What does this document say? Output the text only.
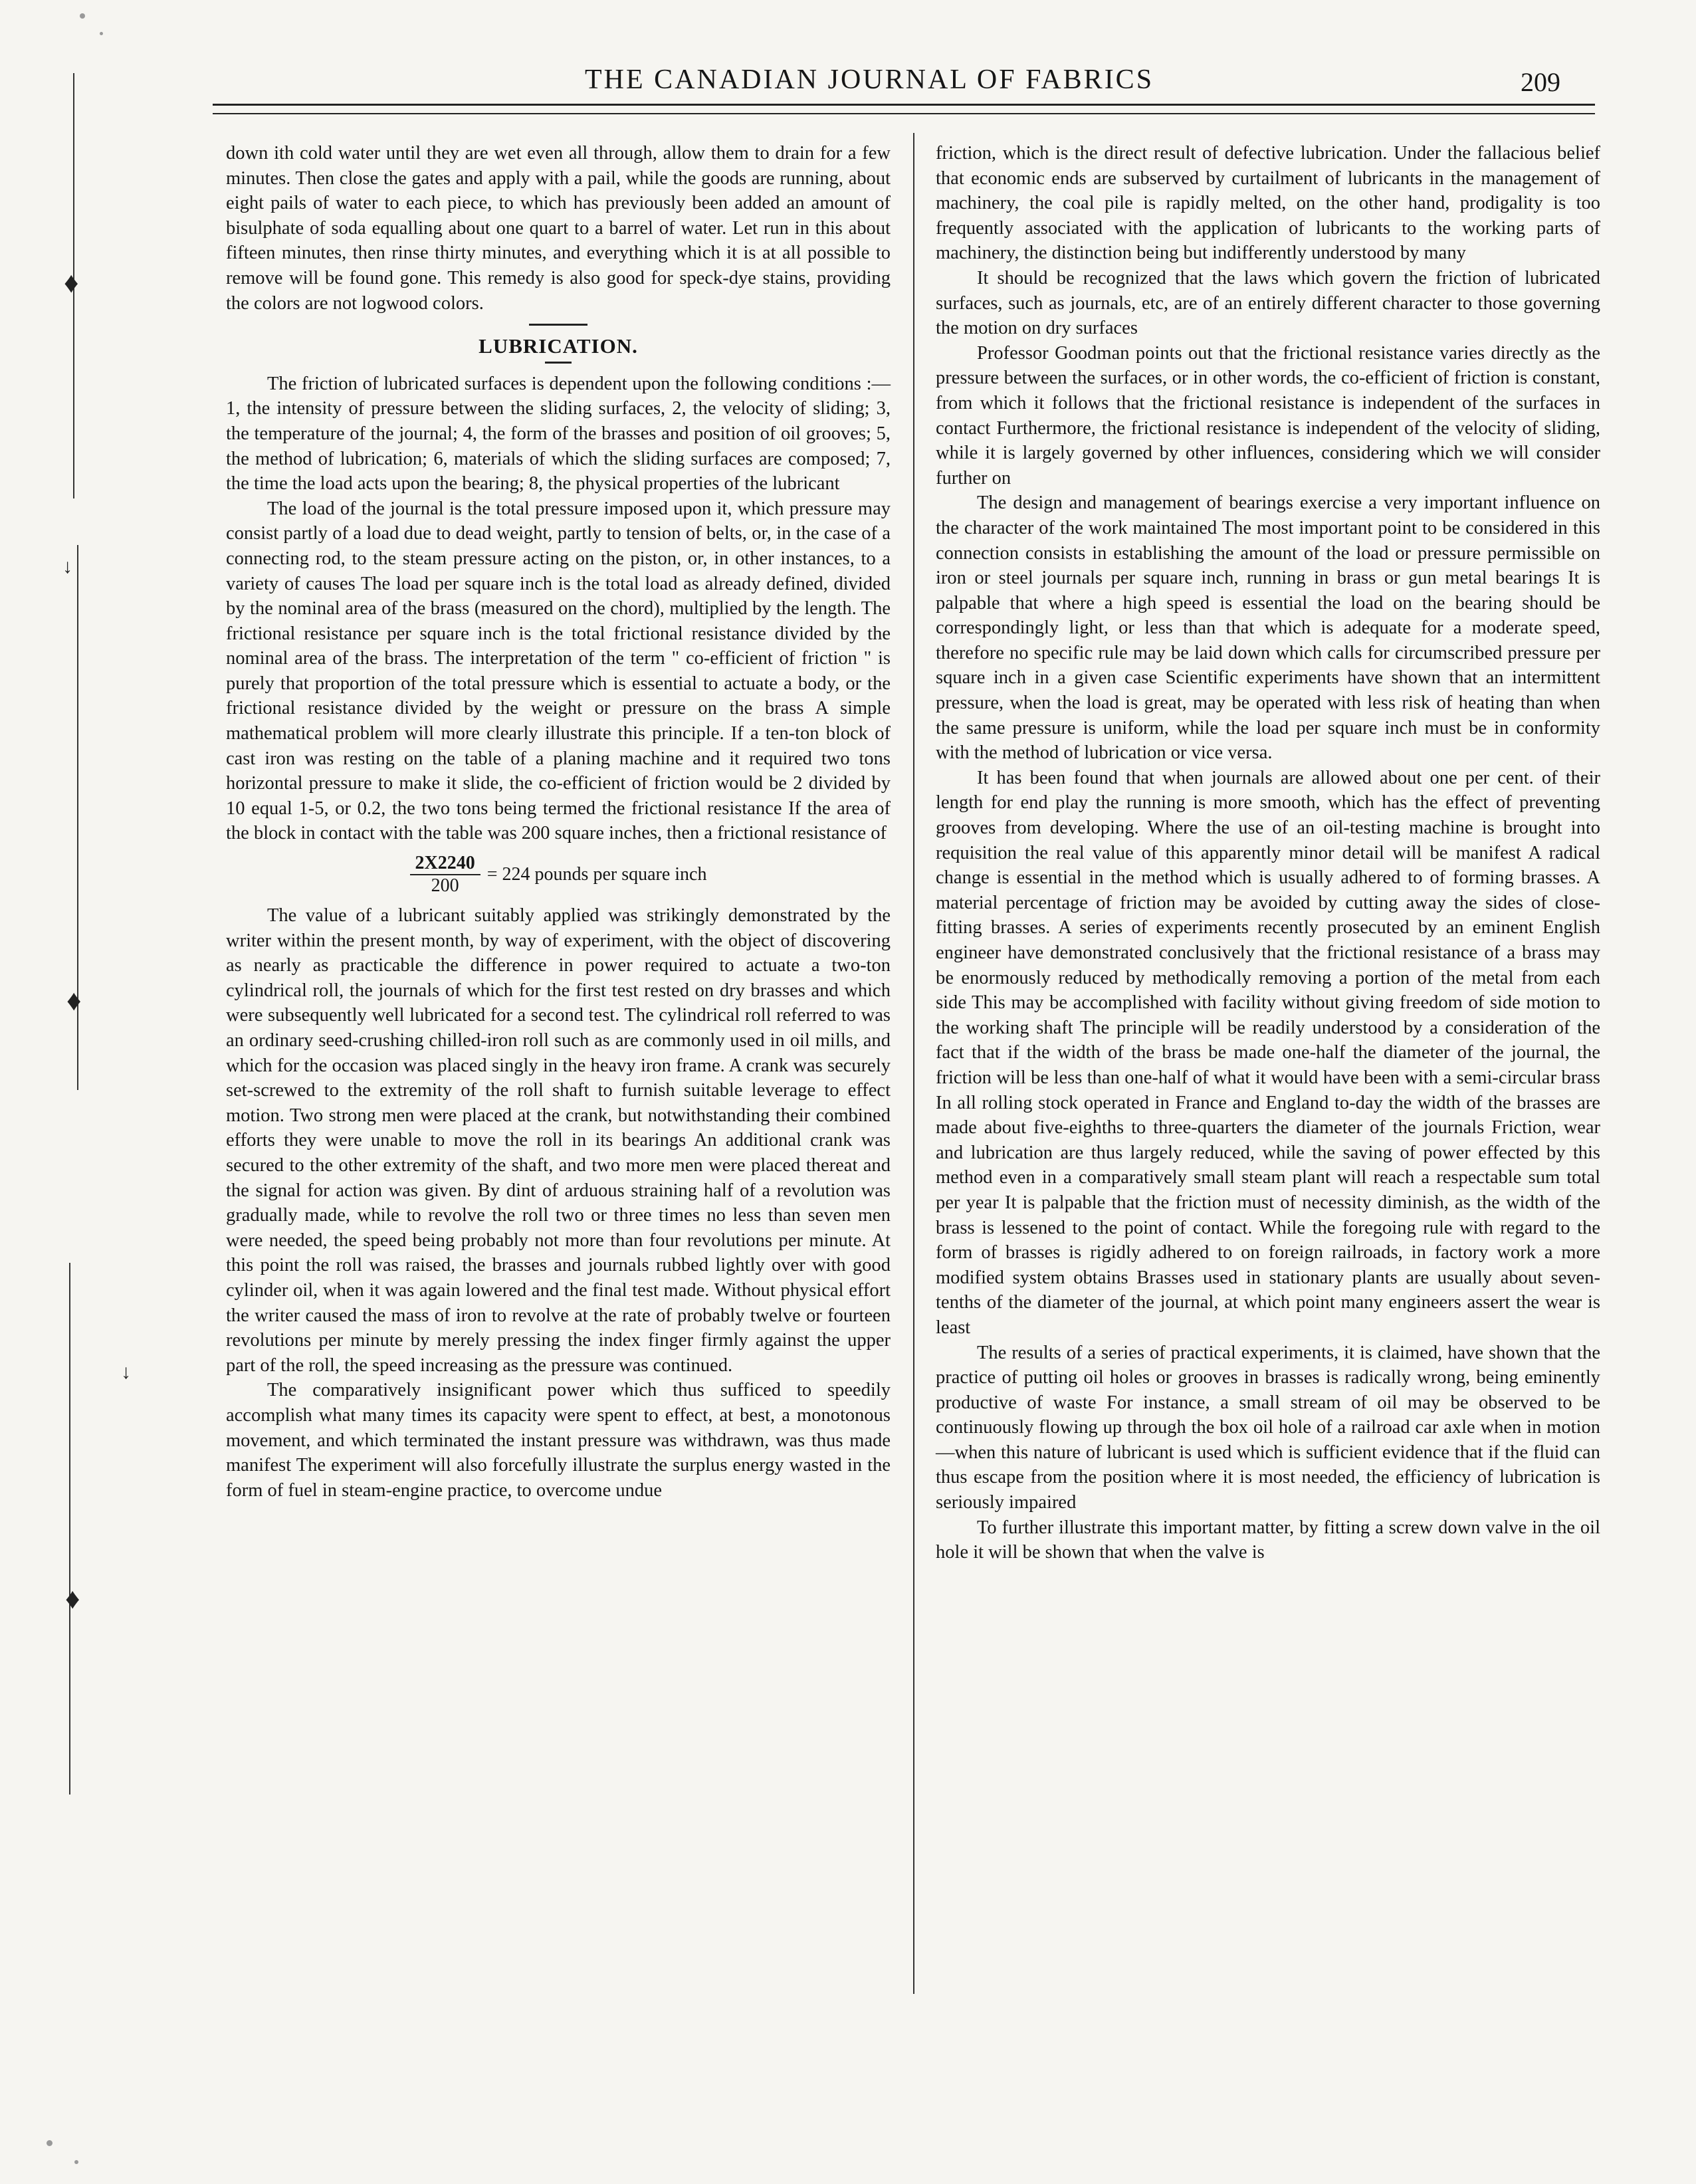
♦
♦
♦
↓
↓
THE CANADIAN JOURNAL OF FABRICS	209

down ith cold water until they are wet even all through, allow them to drain for a few minutes. Then close the gates and apply with a pail, while the goods are running, about eight pails of water to each piece, to which has previously been added an amount of bisulphate of soda equalling about one quart to a barrel of water. Let run in this about fifteen minutes, then rinse thirty minutes, and everything which it is at all possible to remove will be found gone. This remedy is also good for speck-dye stains, providing the colors are not logwood colors.

LUBRICATION.

The friction of lubricated surfaces is dependent upon the following conditions :—1, the intensity of pressure between the sliding surfaces, 2, the velocity of sliding; 3, the temperature of the journal; 4, the form of the brasses and position of oil grooves; 5, the method of lubrication; 6, materials of which the sliding surfaces are composed; 7, the time the load acts upon the bearing; 8, the physical properties of the lubricant

The load of the journal is the total pressure imposed upon it, which pressure may consist partly of a load due to dead weight, partly to tension of belts, or, in the case of a connecting rod, to the steam pressure acting on the piston, or, in other instances, to a variety of causes The load per square inch is the total load as already defined, divided by the nominal area of the brass (measured on the chord), multiplied by the length. The frictional resistance per square inch is the total frictional resistance divided by the nominal area of the brass. The interpretation of the term " co-efficient of friction " is purely that proportion of the total pressure which is essential to actuate a body, or the frictional resistance divided by the weight or pressure on the brass A simple mathematical problem will more clearly illustrate this principle. If a ten-ton block of cast iron was resting on the table of a planing machine and it required two tons horizontal pressure to make it slide, the co-efficient of friction would be 2 divided by 10 equal 1-5, or 0.2, the two tons being termed the frictional resistance If the area of the block in contact with the table was 200 square inches, then a frictional resistance of

$\frac{2X2240}{200} = 224$ pounds per square inch

The value of a lubricant suitably applied was strikingly demonstrated by the writer within the present month, by way of experiment, with the object of discovering as nearly as practicable the difference in power required to actuate a two-ton cylindrical roll, the journals of which for the first test rested on dry brasses and which were subsequently well lubricated for a second test. The cylindrical roll referred to was an ordinary seed-crushing chilled-iron roll such as are commonly used in oil mills, and which for the occasion was placed singly in the heavy iron frame. A crank was securely set-screwed to the extremity of the roll shaft to furnish suitable leverage to effect motion. Two strong men were placed at the crank, but notwithstanding their combined efforts they were unable to move the roll in its bearings An additional crank was secured to the other extremity of the shaft, and two more men were placed thereat and the signal for action was given. By dint of arduous straining half of a revolution was gradually made, while to revolve the roll two or three times no less than seven men were needed, the speed being probably not more than four revolutions per minute. At this point the roll was raised, the brasses and journals rubbed lightly over with good cylinder oil, when it was again lowered and the final test made. Without physical effort the writer caused the mass of iron to revolve at the rate of probably twelve or fourteen revolutions per minute by merely pressing the index finger firmly against the upper part of the roll, the speed increasing as the pressure was continued.

The comparatively insignificant power which thus sufficed to speedily accomplish what many times its capacity were spent to effect, at best, a monotonous movement, and which terminated the instant pressure was withdrawn, was thus made manifest The experiment will also forcefully illustrate the surplus energy wasted in the form of fuel in steam-engine practice, to overcome undue

friction, which is the direct result of defective lubrication. Under the fallacious belief that economic ends are subserved by curtailment of lubricants in the management of machinery, the coal pile is rapidly melted, on the other hand, prodigality is too frequently associated with the application of lubricants to the working parts of machinery, the distinction being but indifferently understood by many

It should be recognized that the laws which govern the friction of lubricated surfaces, such as journals, etc, are of an entirely different character to those governing the motion on dry surfaces

Professor Goodman points out that the frictional resistance varies directly as the pressure between the surfaces, or in other words, the co-efficient of friction is constant, from which it follows that the frictional resistance is independent of the surfaces in contact Furthermore, the frictional resistance is independent of the velocity of sliding, while it is largely governed by other influences, considering which we will consider further on

The design and management of bearings exercise a very important influence on the character of the work maintained The most important point to be considered in this connection consists in establishing the amount of the load or pressure permissible on iron or steel journals per square inch, running in brass or gun metal bearings It is palpable that where a high speed is essential the load on the bearing should be correspondingly light, or less than that which is adequate for a moderate speed, therefore no specific rule may be laid down which calls for circumscribed pressure per square inch in a given case Scientific experiments have shown that an intermittent pressure, when the load is great, may be operated with less risk of heating than when the same pressure is uniform, while the load per square inch must be in conformity with the method of lubrication or vice versa.

It has been found that when journals are allowed about one per cent. of their length for end play the running is more smooth, which has the effect of preventing grooves from developing. Where the use of an oil-testing machine is brought into requisition the real value of this apparently minor detail will be manifest A radical change is essential in the method which is usually adhered to of forming brasses. A material percentage of friction may be avoided by cutting away the sides of close-fitting brasses. A series of experiments recently prosecuted by an eminent English engineer have demonstrated conclusively that the frictional resistance of a brass may be enormously reduced by methodically removing a portion of the metal from each side This may be accomplished with facility without giving freedom of side motion to the working shaft The principle will be readily understood by a consideration of the fact that if the width of the brass be made one-half the diameter of the journal, the friction will be less than one-half of what it would have been with a semi-circular brass In all rolling stock operated in France and England to-day the width of the brasses are made about five-eighths to three-quarters the diameter of the journals Friction, wear and lubrication are thus largely reduced, while the saving of power effected by this method even in a comparatively small steam plant will reach a respectable sum total per year It is palpable that the friction must of necessity diminish, as the width of the brass is lessened to the point of contact. While the foregoing rule with regard to the form of brasses is rigidly adhered to on foreign railroads, in factory work a more modified system obtains Brasses used in stationary plants are usually about seven-tenths of the diameter of the journal, at which point many engineers assert the wear is least

The results of a series of practical experiments, it is claimed, have shown that the practice of putting oil holes or grooves in brasses is radically wrong, being eminently productive of waste For instance, a small stream of oil may be observed to be continuously flowing up through the box oil hole of a railroad car axle when in motion—when this nature of lubricant is used which is sufficient evidence that if the fluid can thus escape from the position where it is most needed, the efficiency of lubrication is seriously impaired

To further illustrate this important matter, by fitting a screw down valve in the oil hole it will be shown that when the valve is
